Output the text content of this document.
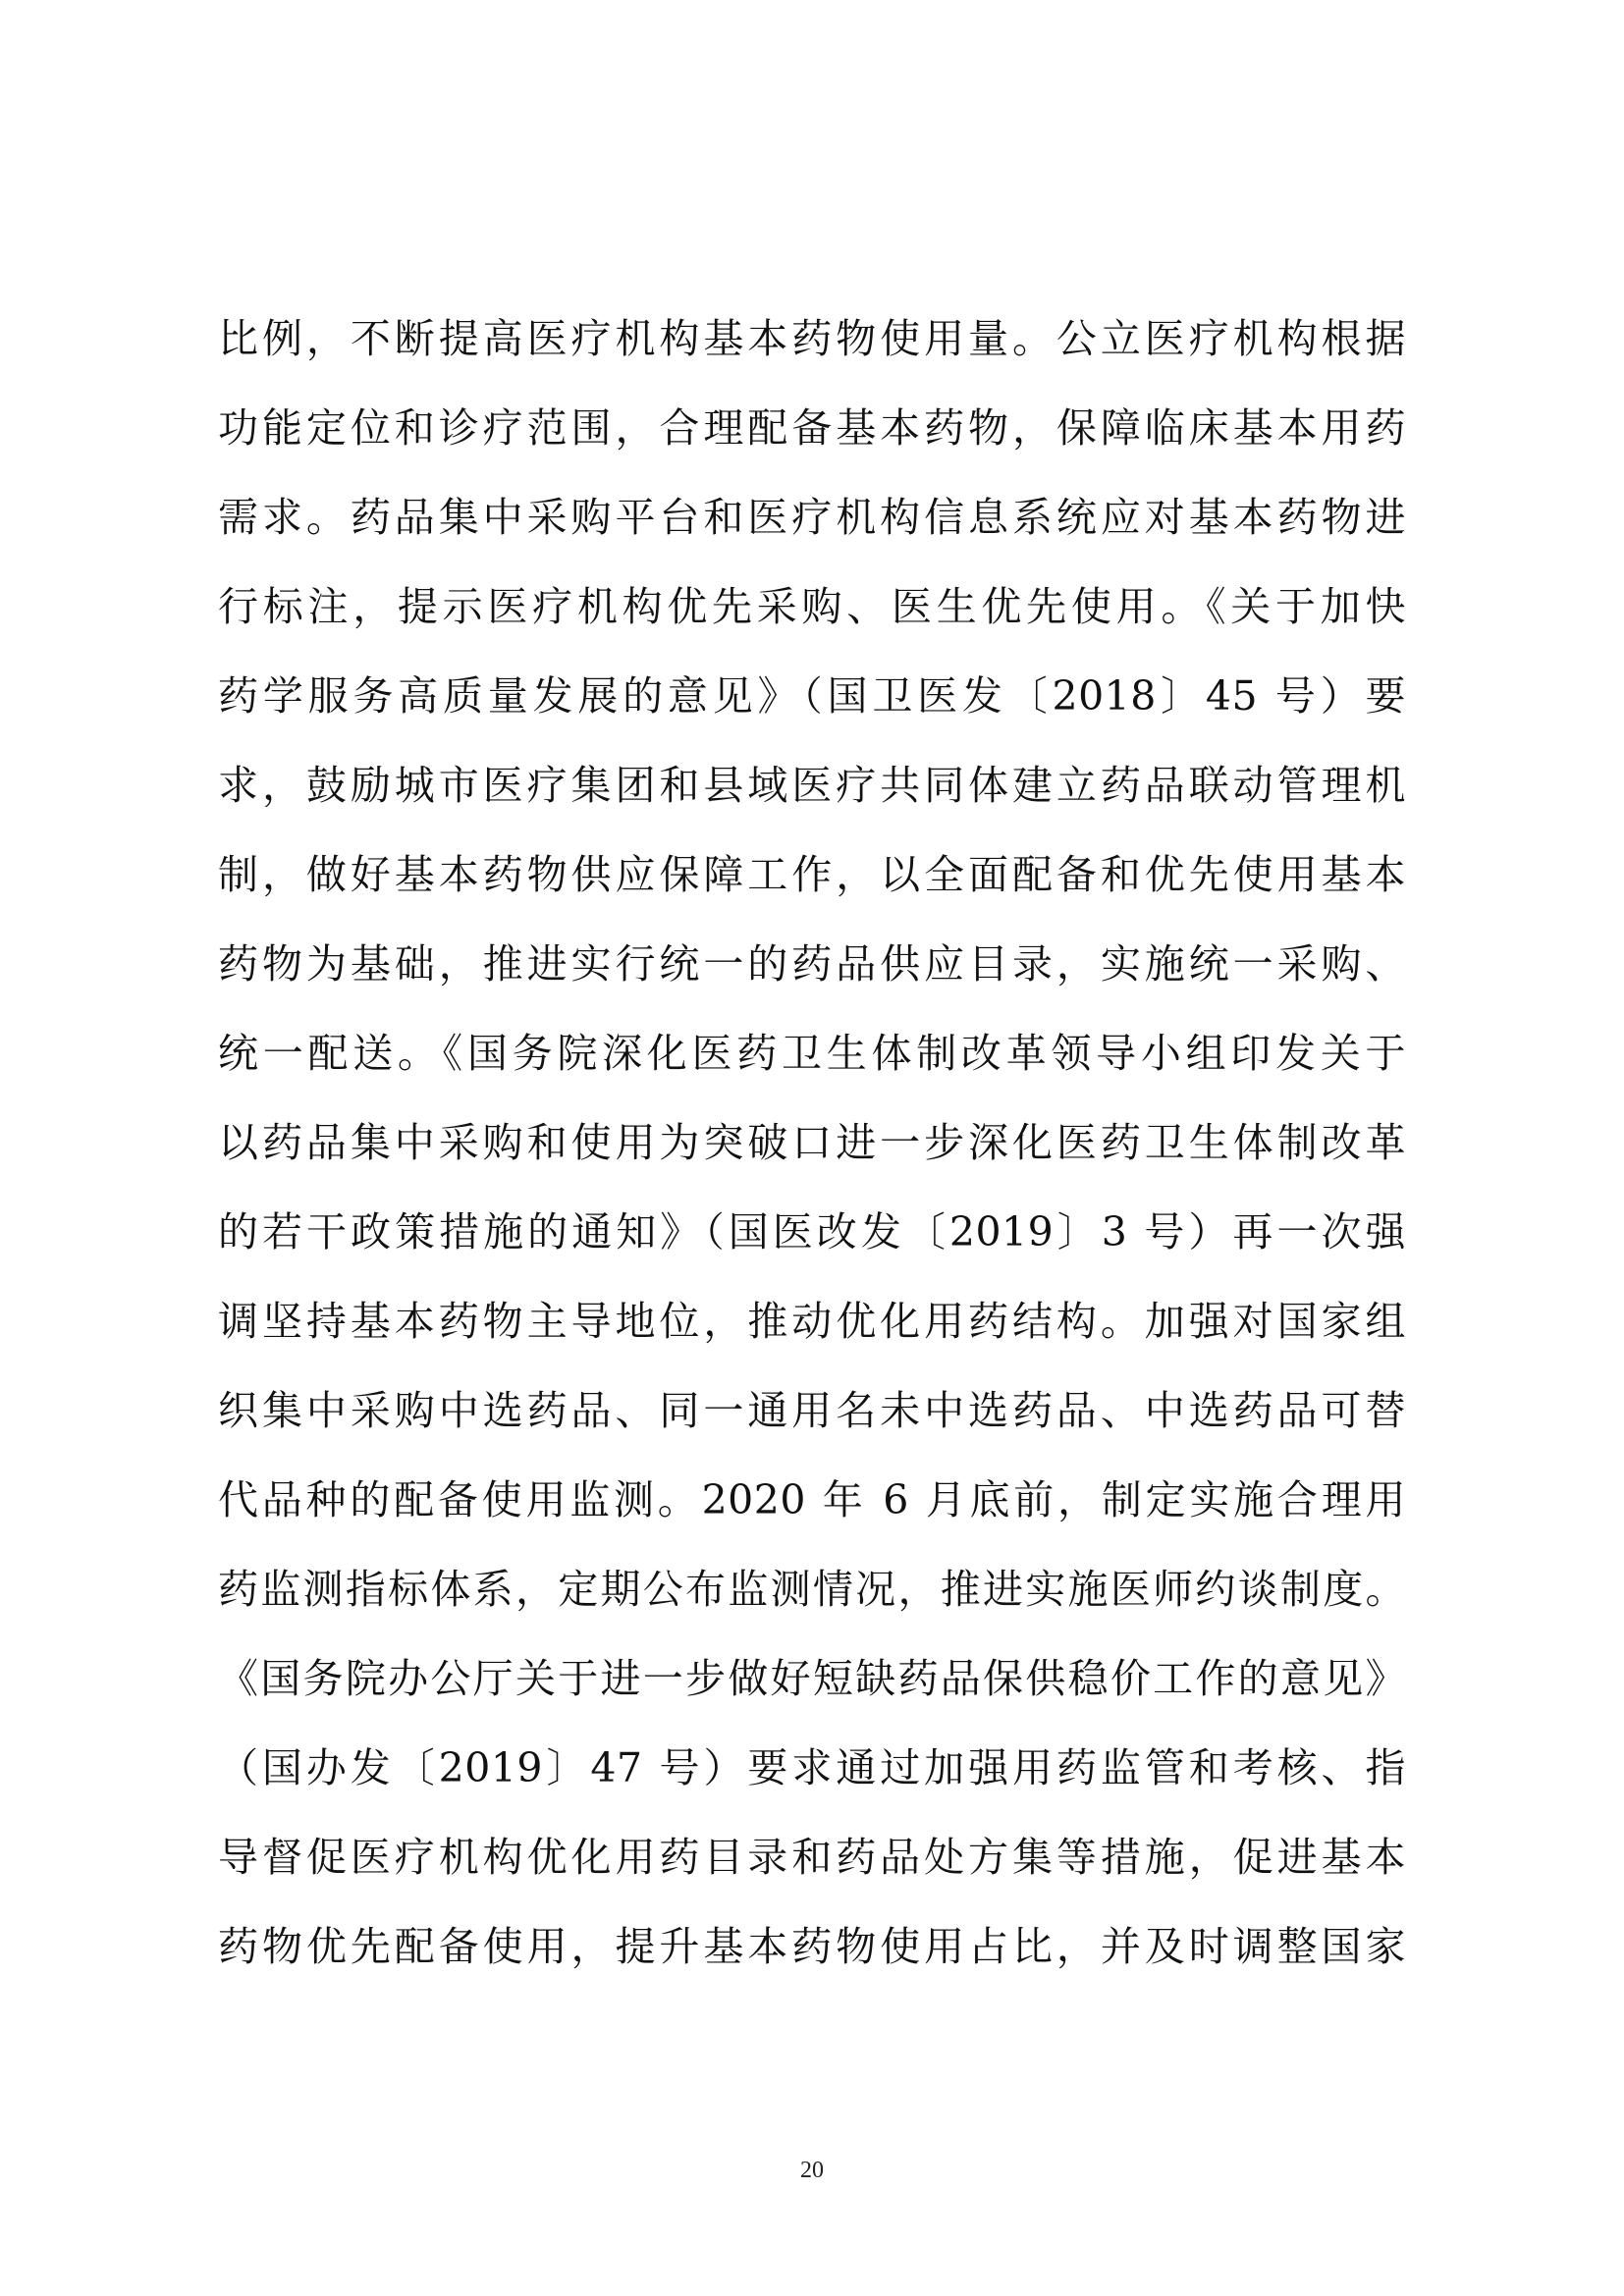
比例，不断提高医疗机构基本药物使用量。公立医疗机构根据
功能定位和诊疗范围，合理配备基本药物，保障临床基本用药
需求。药品集中采购平台和医疗机构信息系统应对基本药物进
行标注，提示医疗机构优先采购、医生优先使用。《关于加快
药学服务高质量发展的意见》（国卫医发〔2018〕45 号）要
求，鼓励城市医疗集团和县域医疗共同体建立药品联动管理机
制，做好基本药物供应保障工作，以全面配备和优先使用基本
药物为基础，推进实行统一的药品供应目录，实施统一采购、
统一配送。《国务院深化医药卫生体制改革领导小组印发关于
以药品集中采购和使用为突破口进一步深化医药卫生体制改革
的若干政策措施的通知》（国医改发〔2019〕3 号）再一次强
调坚持基本药物主导地位，推动优化用药结构。加强对国家组
织集中采购中选药品、同一通用名未中选药品、中选药品可替
代品种的配备使用监测。2020 年 6 月底前，制定实施合理用
药监测指标体系，定期公布监测情况，推进实施医师约谈制度。
《国务院办公厅关于进一步做好短缺药品保供稳价工作的意见》
（国办发〔2019〕47 号）要求通过加强用药监管和考核、指
导督促医疗机构优化用药目录和药品处方集等措施，促进基本
药物优先配备使用，提升基本药物使用占比，并及时调整国家
20
